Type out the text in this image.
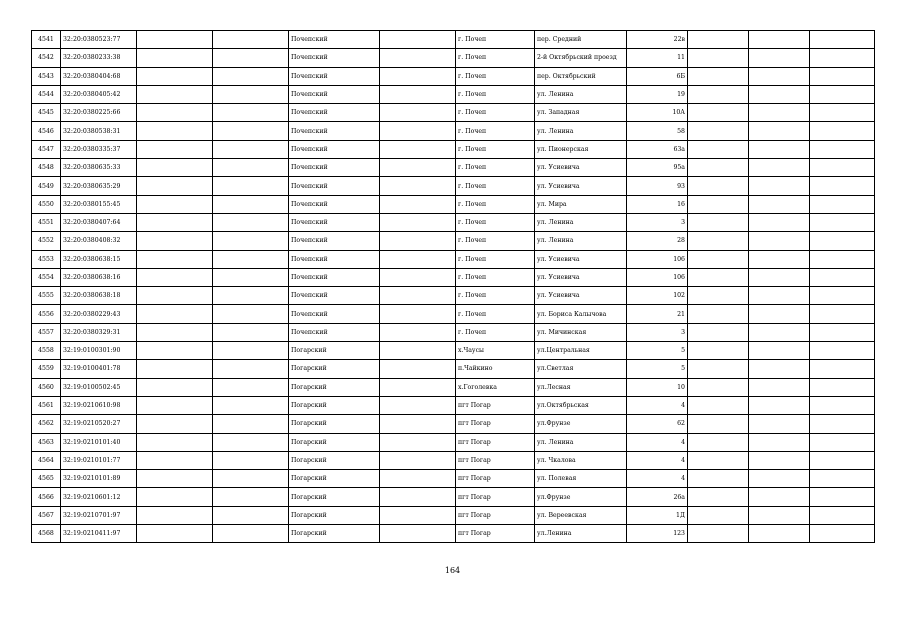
4541	32:20:0380523:77			Почепский		г. Почеп	пер. Средний	22в			
4542	32:20:0380233:38			Почепский		г. Почеп	2-й Октябрьский проезд	11			
4543	32:20:0380404:68			Почепский		г. Почеп	пер. Октябрьский	6Б			
4544	32:20:0380405:42			Почепский		г. Почеп	ул. Ленина	19			
4545	32:20:0380225:66			Почепский		г. Почеп	ул. Западная	10А			
4546	32:20:0380538:31			Почепский		г. Почеп	ул. Ленина	58			
4547	32:20:0380335:37			Почепский		г. Почеп	ул. Пионерская	63а			
4548	32:20:0380635:33			Почепский		г. Почеп	ул. Усиевича	95а			
4549	32:20:0380635:29			Почепский		г. Почеп	ул. Усиевича	93			
4550	32:20:0380155:45			Почепский		г. Почеп	ул. Мира	16			
4551	32:20:0380407:64			Почепский		г. Почеп	ул. Ленина	3			
4552	32:20:0380408:32			Почепский		г. Почеп	ул. Ленина	28			
4553	32:20:0380638:15			Почепский		г. Почеп	ул. Усиевича	106			
4554	32:20:0380638:16			Почепский		г. Почеп	ул. Усиевича	106			
4555	32:20:0380638:18			Почепский		г. Почеп	ул. Усиевича	102			
4556	32:20:0380229:43			Почепский		г. Почеп	ул. Бориса Калычова	21			
4557	32:20:0380329:31			Почепский		г. Почеп	ул. Мичинская	3			
4558	32:19:0100301:90			Погарский		х.Чаусы	ул.Центральная	5			
4559	32:19:0100401:78			Погарский		п.Чайкино	ул.Светлая	5			
4560	32:19:0100502:45			Погарский		х.Гоголевка	ул.Лесная	10			
4561	32:19:0210610:98			Погарский		пгт Погар	ул.Октябрьская	4			
4562	32:19:0210520:27			Погарский		пгт Погар	ул.Фрунзе	62			
4563	32:19:0210101:40			Погарский		пгт Погар	ул. Ленина	4			
4564	32:19:0210101:77			Погарский		пгт Погар	ул. Чкалова	4			
4565	32:19:0210101:89			Погарский		пгт Погар	ул. Полевая	4			
4566	32:19:0210601:12			Погарский		пгт Погар	ул.Фрунзе	26а			
4567	32:19:0210701:97			Погарский		пгт Погар	ул. Вереевская	1Д			
4568	32:19:0210411:97			Погарский		пгт Погар	ул.Ленина	123			
164
